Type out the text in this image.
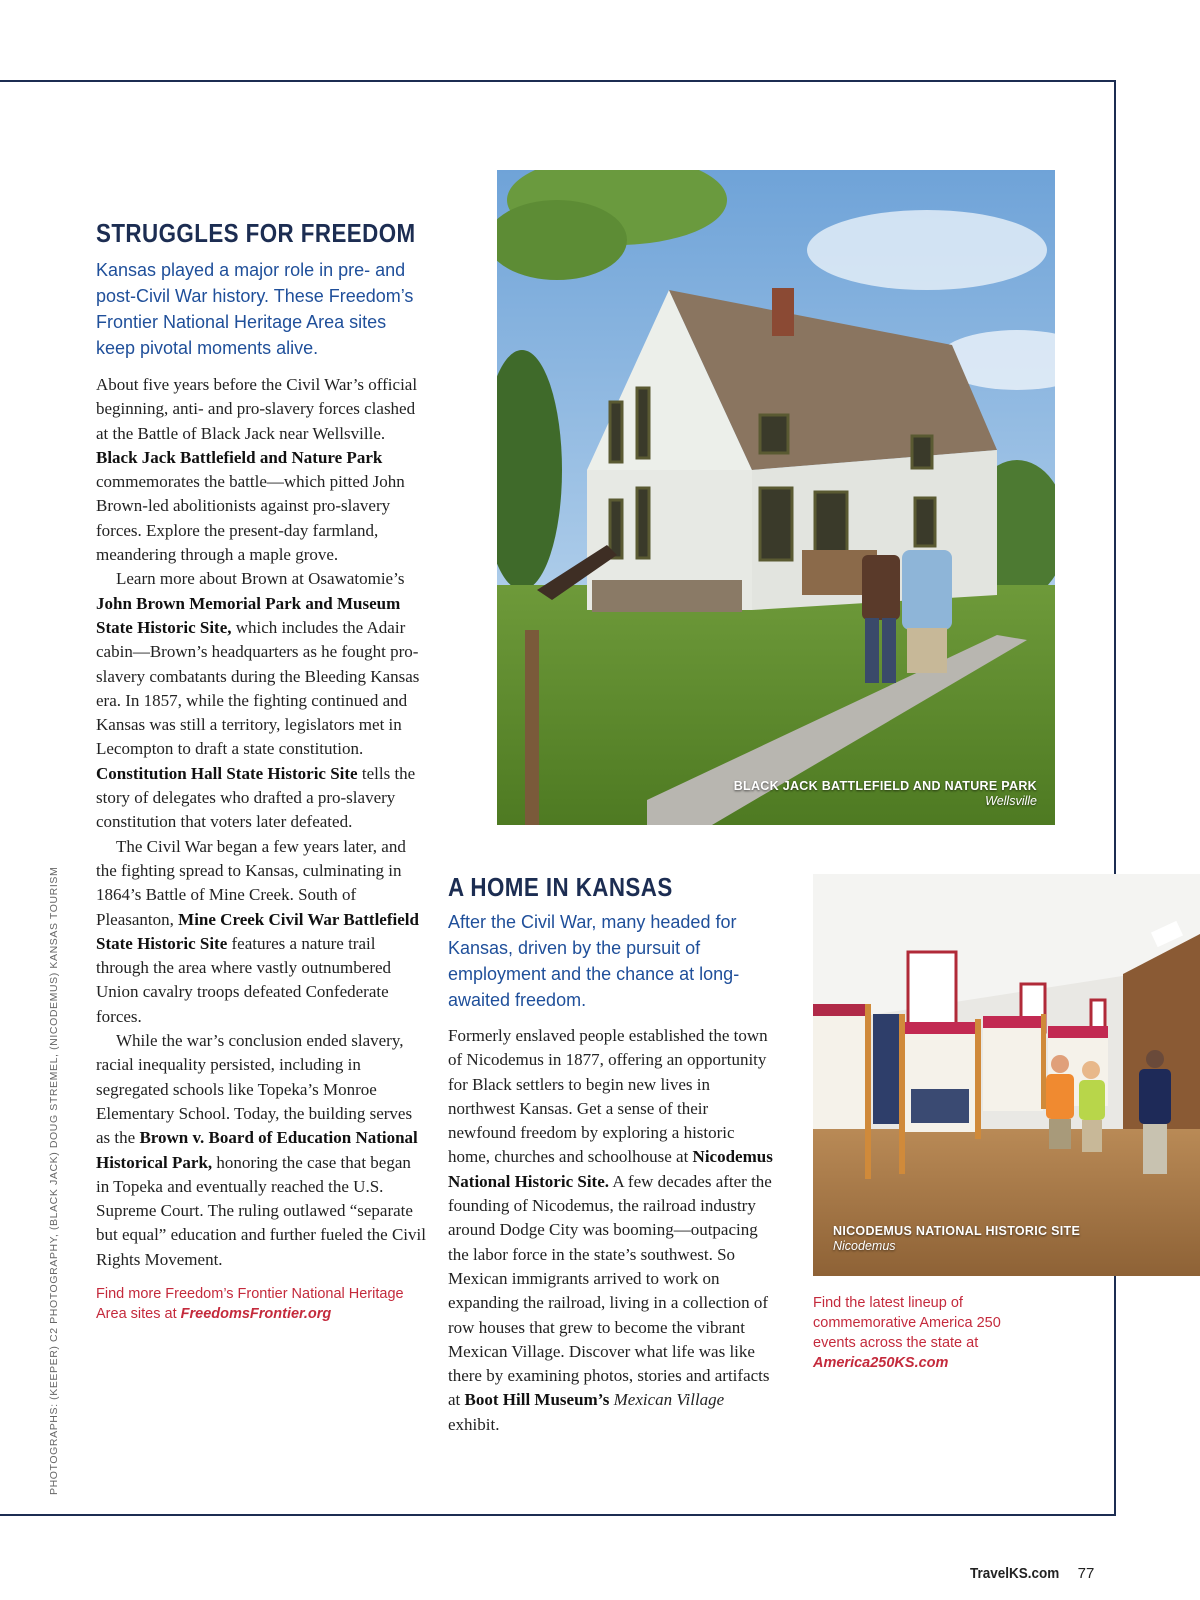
PHOTOGRAPHS: (KEEPER) C2 PHOTOGRAPHY, (BLACK JACK) DOUG STREMEL, (NICODEMUS) KANSAS TOURISM
STRUGGLES FOR FREEDOM
Kansas played a major role in pre- and post-Civil War history. These Freedom’s Frontier National Heritage Area sites keep pivotal moments alive.

About five years before the Civil War’s official beginning, anti- and pro-slavery forces clashed at the Battle of Black Jack near Wellsville. Black Jack Battlefield and Nature Park commemorates the battle—which pitted John Brown-led abolitionists against pro-slavery forces. Explore the present-day farmland, meandering through a maple grove.

Learn more about Brown at Osawatomie’s John Brown Memorial Park and Museum State Historic Site, which includes the Adair cabin—Brown’s headquarters as he fought pro-slavery combatants during the Bleeding Kansas era. In 1857, while the fighting continued and Kansas was still a territory, legislators met in Lecompton to draft a state constitution. Constitution Hall State Historic Site tells the story of delegates who drafted a pro-slavery constitution that voters later defeated.

The Civil War began a few years later, and the fighting spread to Kansas, culminating in 1864’s Battle of Mine Creek. South of Pleasanton, Mine Creek Civil War Battlefield State Historic Site features a nature trail through the area where vastly outnumbered Union cavalry troops defeated Confederate forces.

While the war’s conclusion ended slavery, racial inequality persisted, including in segregated schools like Topeka’s Monroe Elementary School. Today, the building serves as the Brown v. Board of Education National Historical Park, honoring the case that began in Topeka and eventually reached the U.S. Supreme Court. The ruling outlawed “separate but equal” education and further fueled the Civil Rights Movement.

Find more Freedom’s Frontier National Heritage Area sites at FreedomsFrontier.org
BLACK JACK BATTLEFIELD AND NATURE PARK
Wellsville
A HOME IN KANSAS
After the Civil War, many headed for Kansas, driven by the pursuit of employment and the chance at long-awaited freedom.

Formerly enslaved people established the town of Nicodemus in 1877, offering an opportunity for Black settlers to begin new lives in northwest Kansas. Get a sense of their newfound freedom by exploring a historic home, churches and schoolhouse at Nicodemus National Historic Site. A few decades after the founding of Nicodemus, the railroad industry around Dodge City was booming—outpacing the labor force in the state’s southwest. So Mexican immigrants arrived to work on expanding the railroad, living in a collection of row houses that grew to become the vibrant Mexican Village. Discover what life was like there by examining photos, stories and artifacts at Boot Hill Museum’s Mexican Village exhibit.

NICODEMUS NATIONAL HISTORIC SITE
Nicodemus
Find the latest lineup of commemorative America 250 events across the state at America250KS.com
TravelKS.com 77
